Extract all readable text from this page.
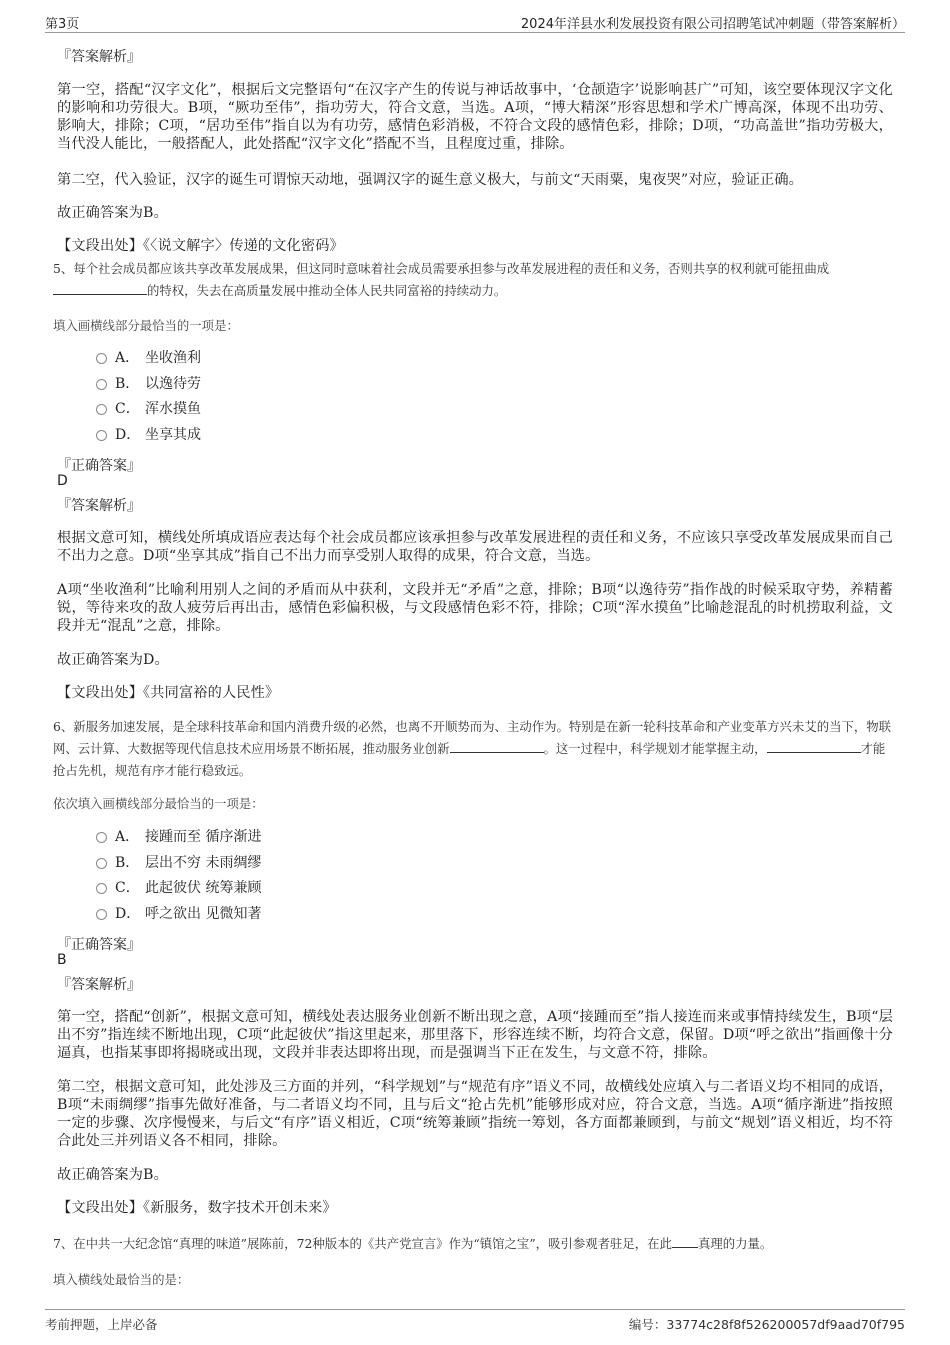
第3页	2024年洋县水利发展投资有限公司招聘笔试冲刺题（带答案解析）
『答案解析』
第一空，搭配“汉字文化”，根据后文完整语句“在汉字产生的传说与神话故事中，‘仓颉造字’说影响甚广”可知，该空要体现汉字文化的影响和功劳很大。B项，“厥功至伟”，指功劳大，符合文意，当选。A项，“博大精深”形容思想和学术广博高深，体现不出功劳、影响大，排除；C项，“居功至伟”指自以为有功劳，感情色彩消极，不符合文段的感情色彩，排除；D项，“功高盖世”指功劳极大，当代没人能比，一般搭配人，此处搭配“汉字文化”搭配不当，且程度过重，排除。
第二空，代入验证，汉字的诞生可谓惊天动地，强调汉字的诞生意义极大，与前文“天雨粟，鬼夜哭”对应，验证正确。
故正确答案为B。
【文段出处】《〈说文解字〉传递的文化密码》
5、每个社会成员都应该共享改革发展成果，但这同时意味着社会成员需要承担参与改革发展进程的责任和义务，否则共享的权利就可能扭曲成的特权，失去在高质量发展中推动全体人民共同富裕的持续动力。
填入画横线部分最恰当的一项是：
A． 坐收渔利
B． 以逸待劳
C． 浑水摸鱼
D． 坐享其成
『正确答案』
D
『答案解析』
根据文意可知，横线处所填成语应表达每个社会成员都应该承担参与改革发展进程的责任和义务，不应该只享受改革发展成果而自己不出力之意。D项“坐享其成”指自己不出力而享受别人取得的成果，符合文意，当选。
A项“坐收渔利”比喻利用别人之间的矛盾而从中获利，文段并无“矛盾”之意，排除；B项“以逸待劳”指作战的时候采取守势，养精蓄锐，等待来攻的敌人疲劳后再出击，感情色彩偏积极，与文段感情色彩不符，排除；C项“浑水摸鱼”比喻趁混乱的时机捞取利益，文段并无“混乱”之意，排除。
故正确答案为D。
【文段出处】《共同富裕的人民性》
6、新服务加速发展，是全球科技革命和国内消费升级的必然，也离不开顺势而为、主动作为。特别是在新一轮科技革命和产业变革方兴未艾的当下，物联网、云计算、大数据等现代信息技术应用场景不断拓展，推动服务业创新	。这一过程中，科学规划才能掌握主动，	才能抢占先机，规范有序才能行稳致远。
依次填入画横线部分最恰当的一项是：
A． 接踵而至 循序渐进
B． 层出不穷 未雨绸缪
C． 此起彼伏 统筹兼顾
D． 呼之欲出 见微知著
『正确答案』
B
『答案解析』
第一空，搭配“创新”，根据文意可知，横线处表达服务业创新不断出现之意，A项“接踵而至”指人接连而来或事情持续发生，B项“层出不穷”指连续不断地出现，C项“此起彼伏”指这里起来，那里落下，形容连续不断，均符合文意，保留。D项“呼之欲出”指画像十分逼真，也指某事即将揭晓或出现，文段并非表达即将出现，而是强调当下正在发生，与文意不符，排除。
第二空，根据文意可知，此处涉及三方面的并列，“科学规划”与“规范有序”语义不同，故横线处应填入与二者语义均不相同的成语，B项“未雨绸缪”指事先做好准备，与二者语义均不同，且与后文“抢占先机”能够形成对应，符合文意，当选。A项“循序渐进”指按照一定的步骤、次序慢慢来，与后文“有序”语义相近，C项“统筹兼顾”指统一筹划，各方面都兼顾到，与前文“规划”语义相近，均不符合此处三并列语义各不相同，排除。
故正确答案为B。
【文段出处】《新服务，数字技术开创未来》
7、在中共一大纪念馆“真理的味道”展陈前，72种版本的《共产党宣言》作为“镇馆之宝”，吸引参观者驻足，在此 真理的力量。
填入横线处最恰当的是：
考前押题，上岸必备	编号：33774c28f8f526200057df9aad70f795
